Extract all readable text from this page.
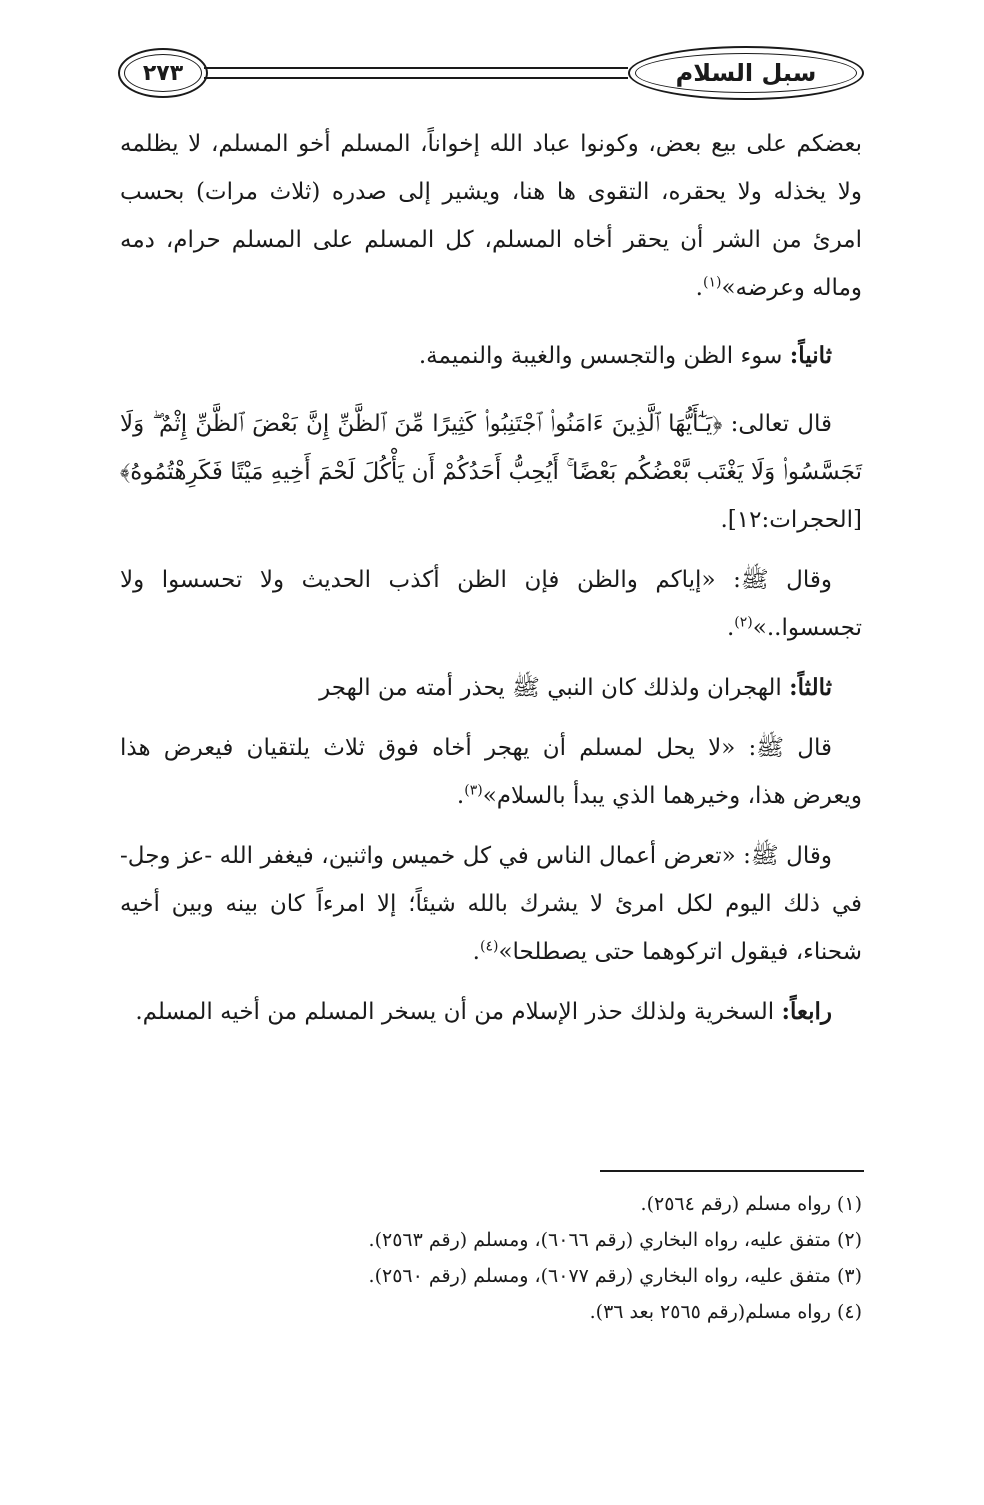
٢٧٣	سبل السلام

بعضكم على بيع بعض، وكونوا عباد الله إخواناً، المسلم أخو المسلم، لا يظلمه ولا يخذله ولا يحقره، التقوى ها هنا، ويشير إلى صدره (ثلاث مرات) بحسب امرئ من الشر أن يحقر أخاه المسلم، كل المسلم على المسلم حرام، دمه وماله وعرضه»$^{(١)}$.

ثانياً: سوء الظن والتجسس والغيبة والنميمة.

قال تعالى: ﴿يَـٰٓأَيُّهَا ٱلَّذِينَ ءَامَنُوا۟ ٱجْتَنِبُوا۟ كَثِيرًا مِّنَ ٱلظَّنِّ إِنَّ بَعْضَ ٱلظَّنِّ إِثْمٌ ۖ وَلَا تَجَسَّسُوا۟ وَلَا يَغْتَب بَّعْضُكُم بَعْضًا ۚ أَيُحِبُّ أَحَدُكُمْ أَن يَأْكُلَ لَحْمَ أَخِيهِ مَيْتًا فَكَرِهْتُمُوهُ﴾ [الحجرات:١٢].

وقال ﷺ: «إياكم والظن فإن الظن أكذب الحديث ولا تحسسوا ولا تجسسوا..»$^{(٢)}$.

ثالثاً: الهجران ولذلك كان النبي ﷺ يحذر أمته من الهجر

قال ﷺ: «لا يحل لمسلم أن يهجر أخاه فوق ثلاث يلتقيان فيعرض هذا ويعرض هذا، وخيرهما الذي يبدأ بالسلام»$^{(٣)}$.

وقال ﷺ: «تعرض أعمال الناس في كل خميس واثنين، فيغفر الله -عز وجل- في ذلك اليوم لكل امرئ لا يشرك بالله شيئاً؛ إلا امرءاً كان بينه وبين أخيه شحناء، فيقول اتركوهما حتى يصطلحا»$^{(٤)}$.

رابعاً: السخرية ولذلك حذر الإسلام من أن يسخر المسلم من أخيه المسلم.

(١) رواه مسلم (رقم ٢٥٦٤).
(٢) متفق عليه، رواه البخاري (رقم ٦٠٦٦)، ومسلم (رقم ٢٥٦٣).
(٣) متفق عليه، رواه البخاري (رقم ٦٠٧٧)، ومسلم (رقم ٢٥٦٠).
(٤) رواه مسلم(رقم ٢٥٦٥ بعد ٣٦).
